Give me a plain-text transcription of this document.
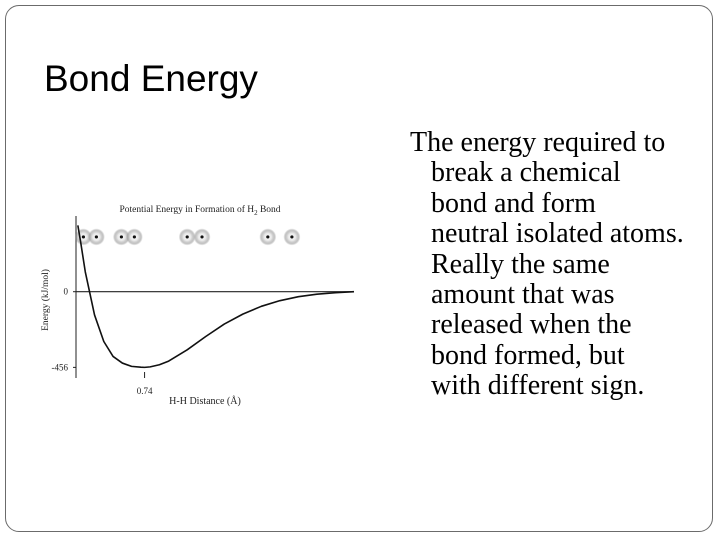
Bond Energy
The energy required to
break a chemical
bond and form
neutral isolated atoms.
Really the same
amount that was
released when the
bond formed, but
with different sign.
Potential Energy in Formation of $H_2$ Bond
0
-456
0.74
H-H Distance (Å)
Energy (kJ/mol)
